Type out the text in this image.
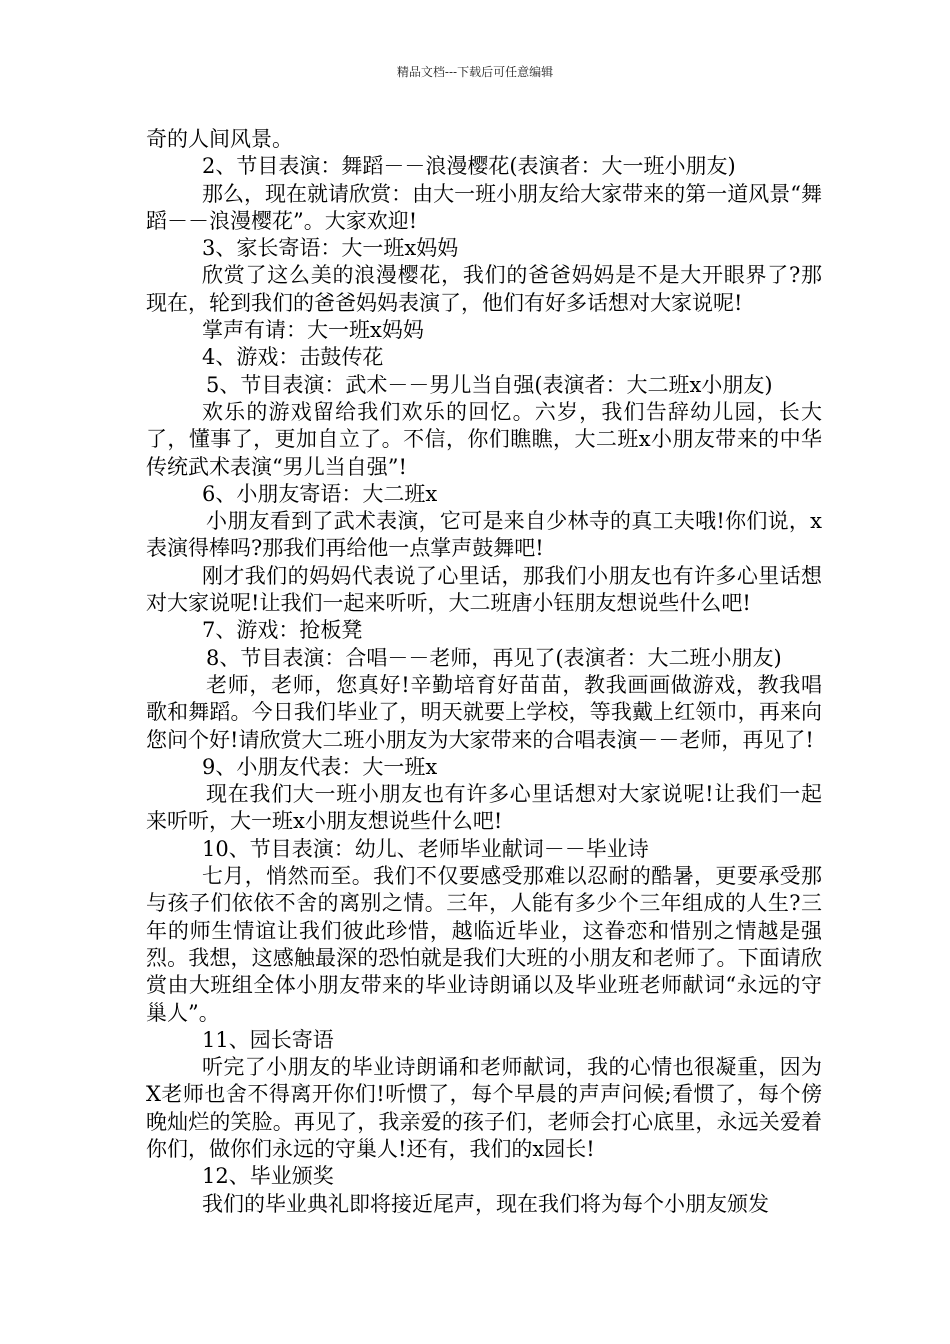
精品文档---下载后可任意编辑

奇的人间风景。

2、节目表演：舞蹈－－浪漫樱花(表演者：大一班小朋友)

那么，现在就请欣赏：由大一班小朋友给大家带来的第一道风景“舞蹈－－浪漫樱花”。大家欢迎!

3、家长寄语：大一班x妈妈

欣赏了这么美的浪漫樱花，我们的爸爸妈妈是不是大开眼界了?那现在，轮到我们的爸爸妈妈表演了，他们有好多话想对大家说呢!

掌声有请：大一班x妈妈

4、游戏：击鼓传花

5、节目表演：武术－－男儿当自强(表演者：大二班x小朋友)

欢乐的游戏留给我们欢乐的回忆。六岁，我们告辞幼儿园，长大了，懂事了，更加自立了。不信，你们瞧瞧，大二班x小朋友带来的中华传统武术表演“男儿当自强”!

6、小朋友寄语：大二班x

小朋友看到了武术表演，它可是来自少林寺的真工夫哦!你们说，x表演得棒吗?那我们再给他一点掌声鼓舞吧!

刚才我们的妈妈代表说了心里话，那我们小朋友也有许多心里话想对大家说呢!让我们一起来听听，大二班唐小钰朋友想说些什么吧!

7、游戏：抢板凳

8、节目表演：合唱－－老师，再见了(表演者：大二班小朋友)

老师，老师，您真好!辛勤培育好苗苗，教我画画做游戏，教我唱歌和舞蹈。今日我们毕业了，明天就要上学校，等我戴上红领巾，再来向您问个好!请欣赏大二班小朋友为大家带来的合唱表演－－老师，再见了!

9、小朋友代表：大一班x

现在我们大一班小朋友也有许多心里话想对大家说呢!让我们一起来听听，大一班x小朋友想说些什么吧!

10、节目表演：幼儿、老师毕业献词－－毕业诗

七月，悄然而至。我们不仅要感受那难以忍耐的酷暑，更要承受那与孩子们依依不舍的离别之情。三年，人能有多少个三年组成的人生?三年的师生情谊让我们彼此珍惜，越临近毕业，这眷恋和惜别之情越是强烈。我想，这感触最深的恐怕就是我们大班的小朋友和老师了。下面请欣赏由大班组全体小朋友带来的毕业诗朗诵以及毕业班老师献词“永远的守巢人”。

11、园长寄语

听完了小朋友的毕业诗朗诵和老师献词，我的心情也很凝重，因为X老师也舍不得离开你们!听惯了，每个早晨的声声问候;看惯了，每个傍晚灿烂的笑脸。再见了，我亲爱的孩子们，老师会打心底里，永远关爱着你们，做你们永远的守巢人!还有，我们的x园长!

12、毕业颁奖

我们的毕业典礼即将接近尾声，现在我们将为每个小朋友颁发
